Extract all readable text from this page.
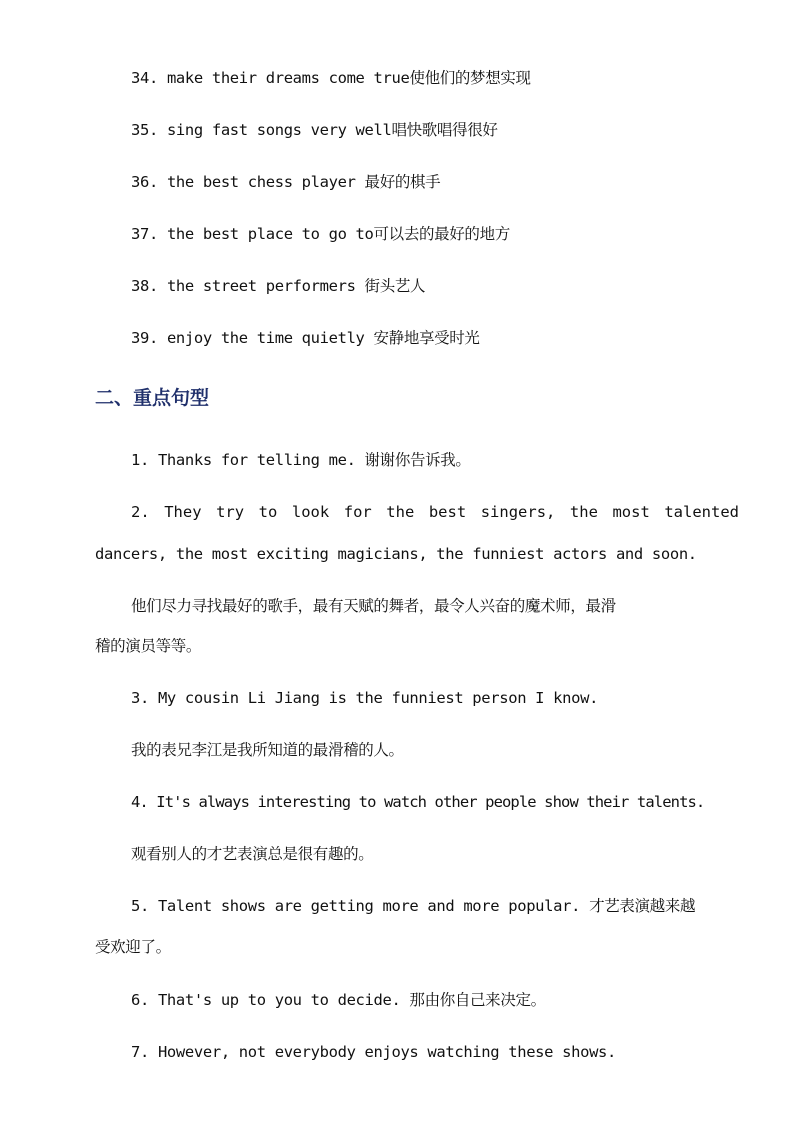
34. make their dreams come true使他们的梦想实现
35. sing fast songs very well唱快歌唱得很好
36. the best chess player 最好的棋手
37. the best place to go to可以去的最好的地方
38. the street performers 街头艺人
39. enjoy the time quietly 安静地享受时光
二、重点句型
1. Thanks for telling me. 谢谢你告诉我。
2. They try to look for the best singers, the most talented
dancers, the most exciting magicians, the funniest actors and soon.
他们尽力寻找最好的歌手，最有天赋的舞者，最令人兴奋的魔术师，最滑
稽的演员等等。
3. My cousin Li Jiang is the funniest person I know.
我的表兄李江是我所知道的最滑稽的人。
4. It's always interesting to watch other people show their talents.
观看别人的才艺表演总是很有趣的。
5. Talent shows are getting more and more popular. 才艺表演越来越
受欢迎了。
6. That's up to you to decide. 那由你自己来决定。
7. However, not everybody enjoys watching these shows.
